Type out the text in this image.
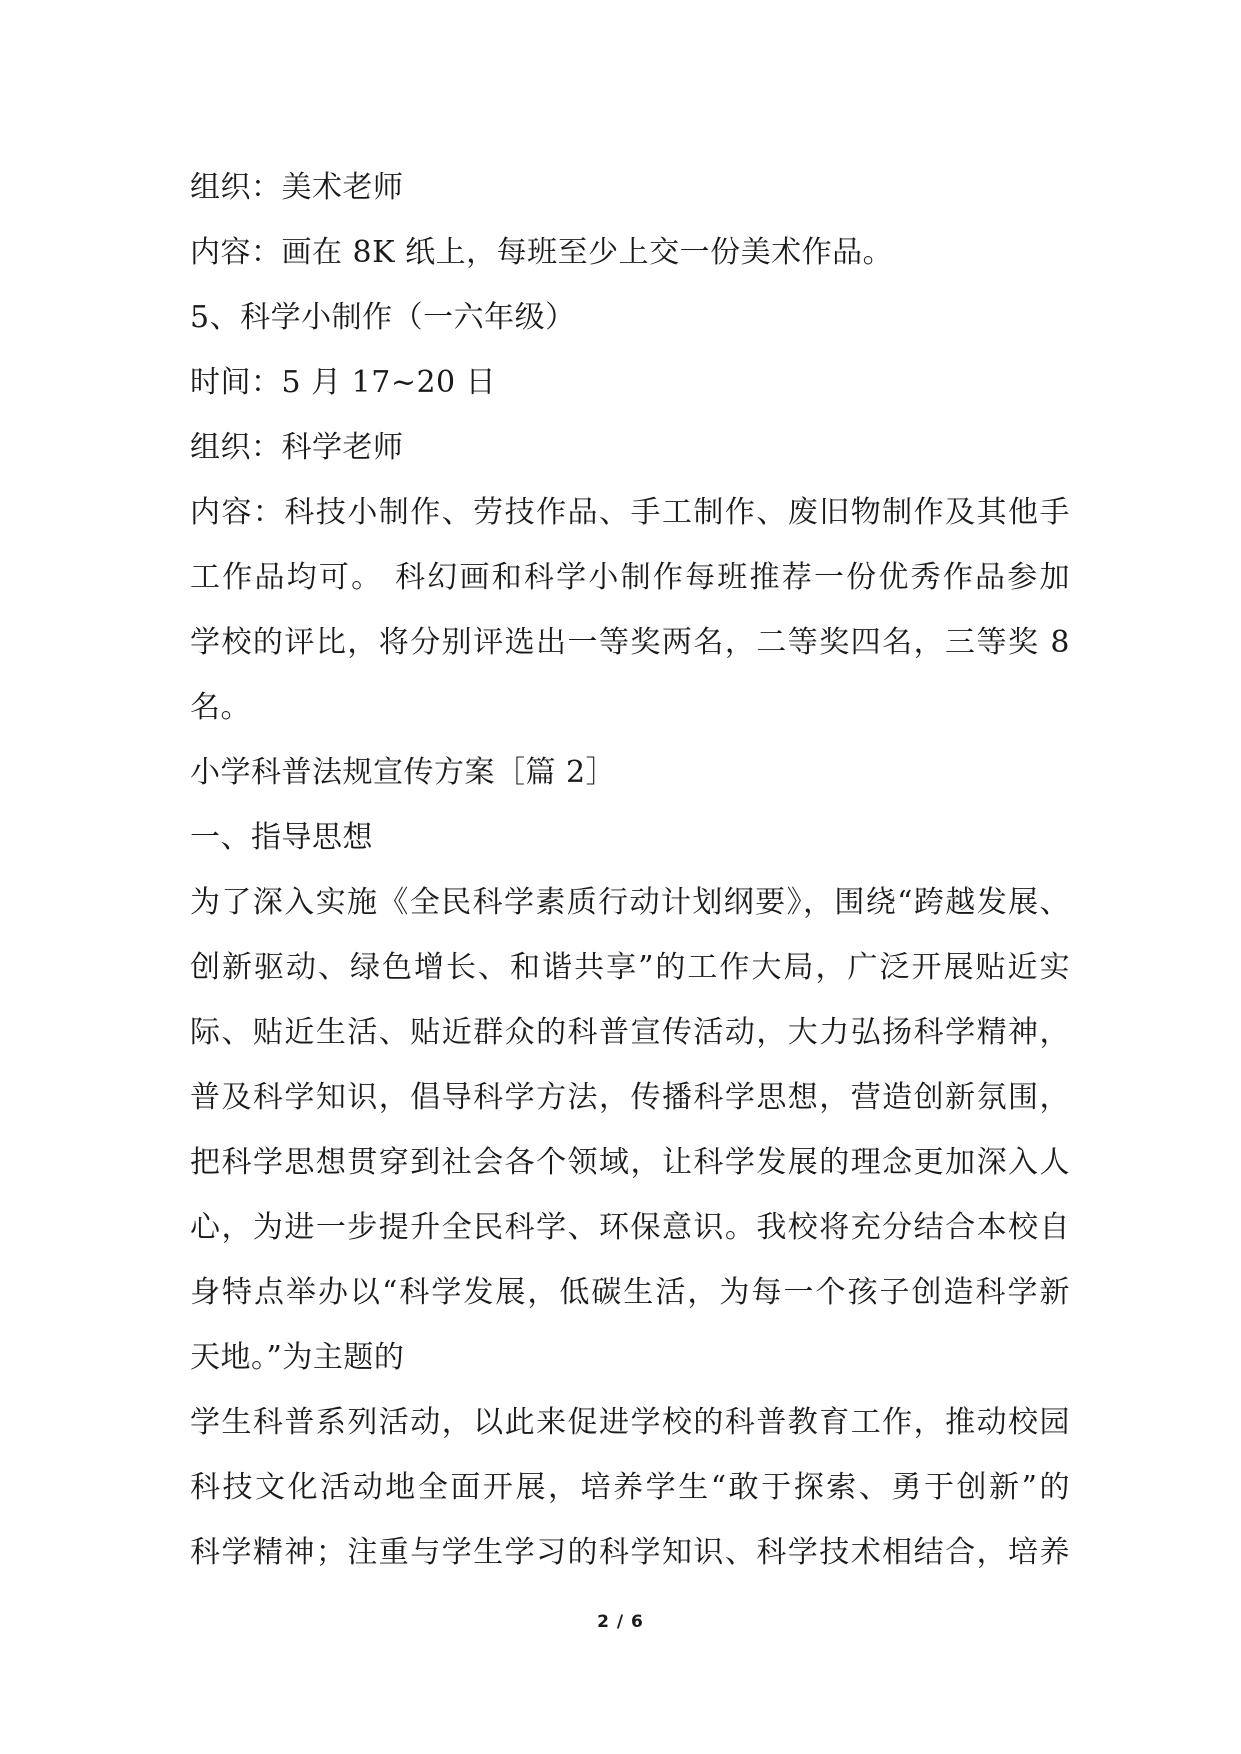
组织：美术老师
内容：画在 8K 纸上，每班至少上交一份美术作品。
5、科学小制作（一六年级）
时间：5 月 17~20 日
组织：科学老师
内容：科技小制作、劳技作品、手工制作、废旧物制作及其他手
工作品均可。 科幻画和科学小制作每班推荐一份优秀作品参加
学校的评比，将分别评选出一等奖两名，二等奖四名，三等奖 8
名。
小学科普法规宣传方案［篇 2］
一、指导思想
为了深入实施《全民科学素质行动计划纲要》，围绕“跨越发展、
创新驱动、绿色增长、和谐共享”的工作大局，广泛开展贴近实
际、贴近生活、贴近群众的科普宣传活动，大力弘扬科学精神，
普及科学知识，倡导科学方法，传播科学思想，营造创新氛围，
把科学思想贯穿到社会各个领域，让科学发展的理念更加深入人
心，为进一步提升全民科学、环保意识。我校将充分结合本校自
身特点举办以“科学发展，低碳生活，为每一个孩子创造科学新
天地。”为主题的
学生科普系列活动，以此来促进学校的科普教育工作，推动校园
科技文化活动地全面开展，培养学生“敢于探索、勇于创新”的
科学精神；注重与学生学习的科学知识、科学技术相结合，培养
2 / 6
